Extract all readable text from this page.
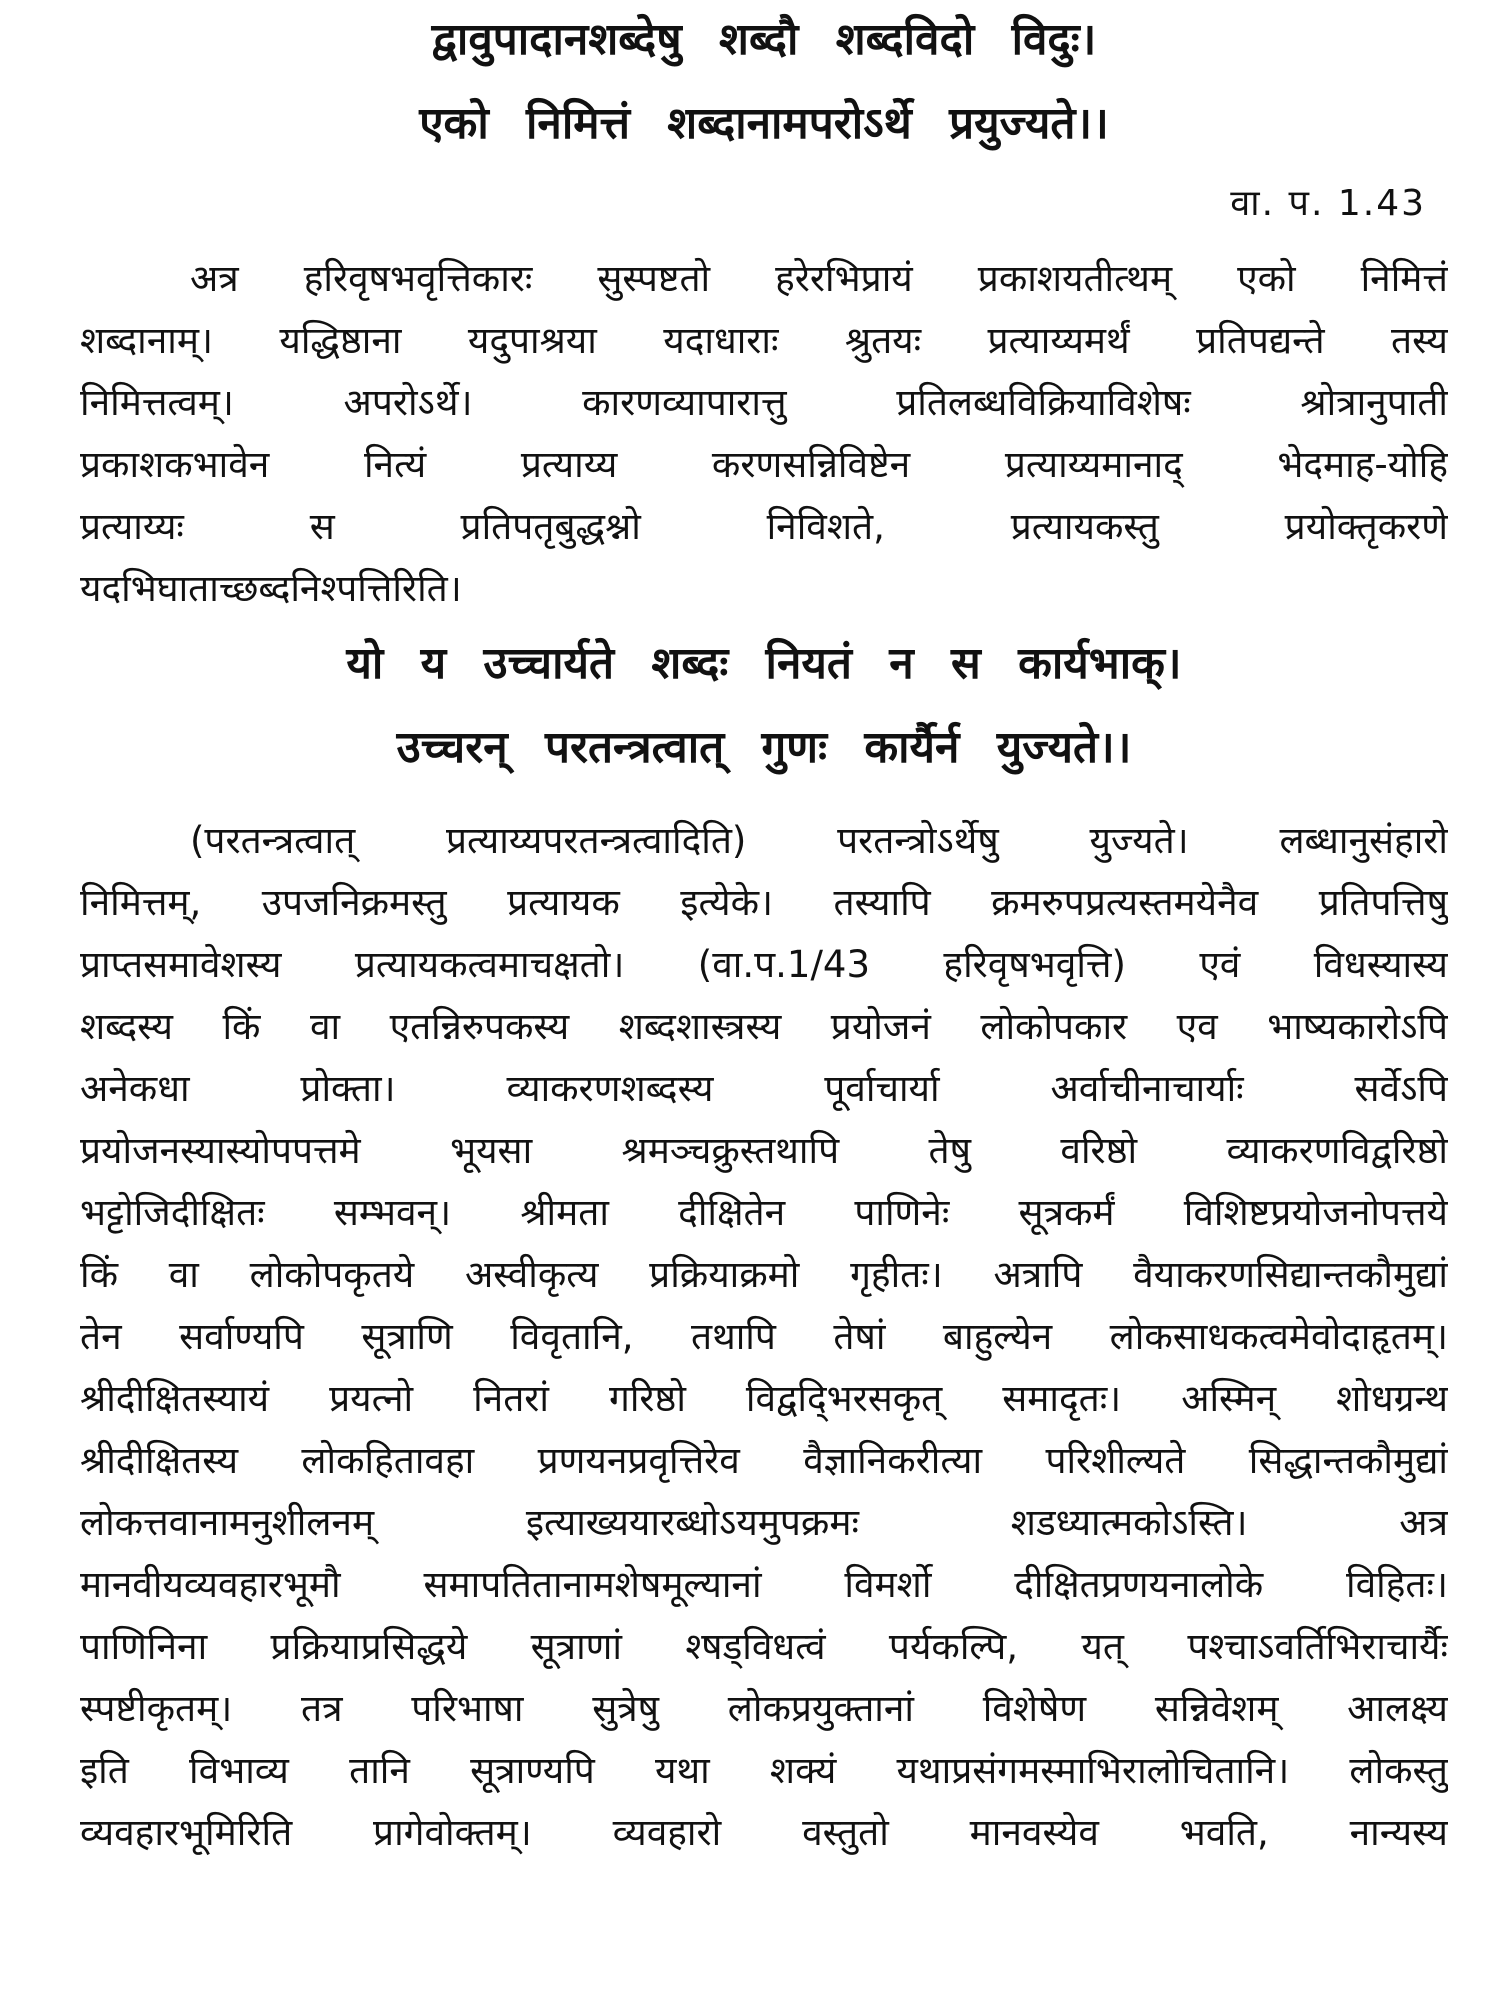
द्वावुपादानशब्देषु शब्दौ शब्दविदो विदुः।
एको निमित्तं शब्दानामपरोऽर्थे प्रयुज्यते।।
वा. प. 1.43
अत्र हरिवृषभवृत्तिकारः सुस्पष्टतो हरेरभिप्रायं प्रकाशयतीत्थम् एको निमित्तं
शब्दानाम्। यद्धिष्ठाना यदुपाश्रया यदाधाराः श्रुतयः प्रत्याय्यमर्थं प्रतिपद्यन्ते तस्य
निमित्तत्वम्। अपरोऽर्थे। कारणव्यापारात्तु प्रतिलब्धविक्रियाविशेषः श्रोत्रानुपाती
प्रकाशकभावेन नित्यं प्रत्याय्य करणसन्निविष्टेन प्रत्याय्यमानाद् भेदमाह-योहि
प्रत्याय्यः स प्रतिपतृबुद्धश्नो निविशते, प्रत्यायकस्तु प्रयोक्तृकरणे
यदभिघाताच्छब्दनिश्पत्तिरिति।
यो य उच्चार्यते शब्दः नियतं न स कार्यभाक्।
उच्चरन् परतन्त्रत्वात् गुणः कार्यैर्न युज्यते।।
(परतन्त्रत्वात् प्रत्याय्यपरतन्त्रत्वादिति) परतन्त्रोऽर्थेषु युज्यते। लब्धानुसंहारो
निमित्तम्, उपजनिक्रमस्तु प्रत्यायक इत्येके। तस्यापि क्रमरुपप्रत्यस्तमयेनैव प्रतिपत्तिषु
प्राप्तसमावेशस्य प्रत्यायकत्वमाचक्षतो। (वा.प.1/43 हरिवृषभवृत्ति) एवं विधस्यास्य
शब्दस्य किं वा एतन्निरुपकस्य शब्दशास्त्रस्य प्रयोजनं लोकोपकार एव भाष्यकारोऽपि
अनेकधा प्रोक्ता। व्याकरणशब्दस्य पूर्वाचार्या अर्वाचीनाचार्याः सर्वेऽपि
प्रयोजनस्यास्योपपत्तमे भूयसा श्रमञ्चक्रुस्तथापि तेषु वरिष्ठो व्याकरणविद्वरिष्ठो
भट्टोजिदीक्षितः सम्भवन्। श्रीमता दीक्षितेन पाणिनेः सूत्रकर्मं विशिष्टप्रयोजनोपत्तये
किं वा लोकोपकृतये अस्वीकृत्य प्रक्रियाक्रमो गृहीतः। अत्रापि वैयाकरणसिद्यान्तकौमुद्यां
तेन सर्वाण्यपि सूत्राणि विवृतानि, तथापि तेषां बाहुल्येन लोकसाधकत्वमेवोदाहृतम्।
श्रीदीक्षितस्यायं प्रयत्नो नितरां गरिष्ठो विद्वद्‍भिरसकृत् समादृतः। अस्मिन् शोधग्रन्थ
श्रीदीक्षितस्य लोकहितावहा प्रणयनप्रवृत्तिरेव वैज्ञानिकरीत्या परिशील्यते सिद्धान्तकौमुद्यां
लोकत्तवानामनुशीलनम् इत्याख्ययारब्धोऽयमुपक्रमः शडध्यात्मकोऽस्ति। अत्र
मानवीयव्यवहारभूमौ समापतितानामशेषमूल्यानां विमर्शो दीक्षितप्रणयनालोके विहितः।
पाणिनिना प्रक्रियाप्रसिद्धये सूत्राणां श्षड्‌विधत्वं पर्यकल्पि, यत् पश्चाऽवर्तिभिराचार्यैः
स्पष्टीकृतम्। तत्र परिभाषा सुत्रेषु लोकप्रयुक्तानां विशेषेण सन्निवेशम् आलक्ष्य
इति विभाव्य तानि सूत्राण्यपि यथा शक्यं यथाप्रसंगमस्माभिरालोचितानि। लोकस्तु
व्यवहारभूमिरिति प्रागेवोक्तम्। व्यवहारो वस्तुतो मानवस्येव भवति, नान्यस्य
